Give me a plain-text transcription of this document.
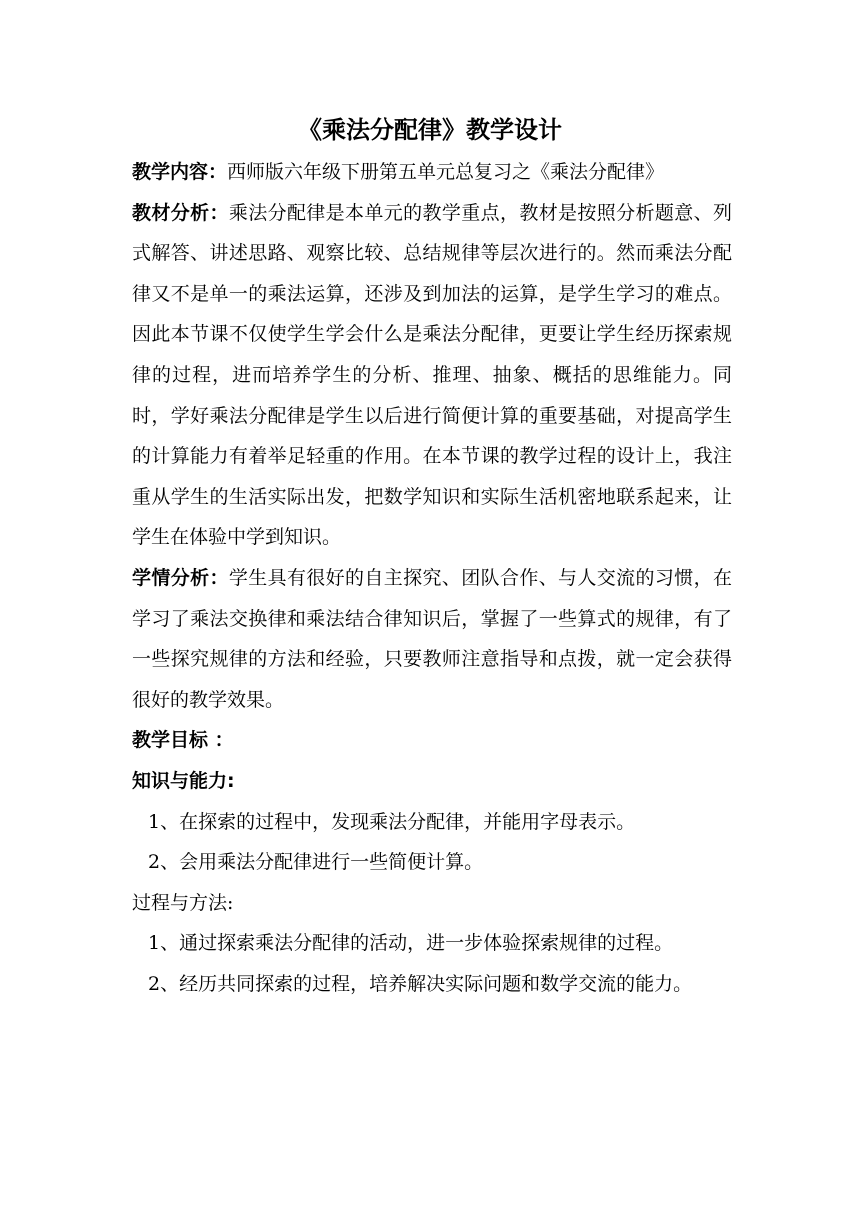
《乘法分配律》教学设计

教学内容：西师版六年级下册第五单元总复习之《乘法分配律》

教材分析：乘法分配律是本单元的教学重点，教材是按照分析题意、列式解答、讲述思路、观察比较、总结规律等层次进行的。然而乘法分配律又不是单一的乘法运算，还涉及到加法的运算，是学生学习的难点。因此本节课不仅使学生学会什么是乘法分配律，更要让学生经历探索规律的过程，进而培养学生的分析、推理、抽象、概括的思维能力。同时，学好乘法分配律是学生以后进行简便计算的重要基础，对提高学生的计算能力有着举足轻重的作用。在本节课的教学过程的设计上，我注重从学生的生活实际出发，把数学知识和实际生活机密地联系起来，让学生在体验中学到知识。

学情分析：学生具有很好的自主探究、团队合作、与人交流的习惯，在学习了乘法交换律和乘法结合律知识后，掌握了一些算式的规律，有了一些探究规律的方法和经验，只要教师注意指导和点拨，就一定会获得很好的教学效果。

教学目标 ：

知识与能力:

1、在探索的过程中，发现乘法分配律，并能用字母表示。

2、会用乘法分配律进行一些简便计算。

过程与方法:

1、通过探索乘法分配律的活动，进一步体验探索规律的过程。

2、经历共同探索的过程，培养解决实际问题和数学交流的能力。
